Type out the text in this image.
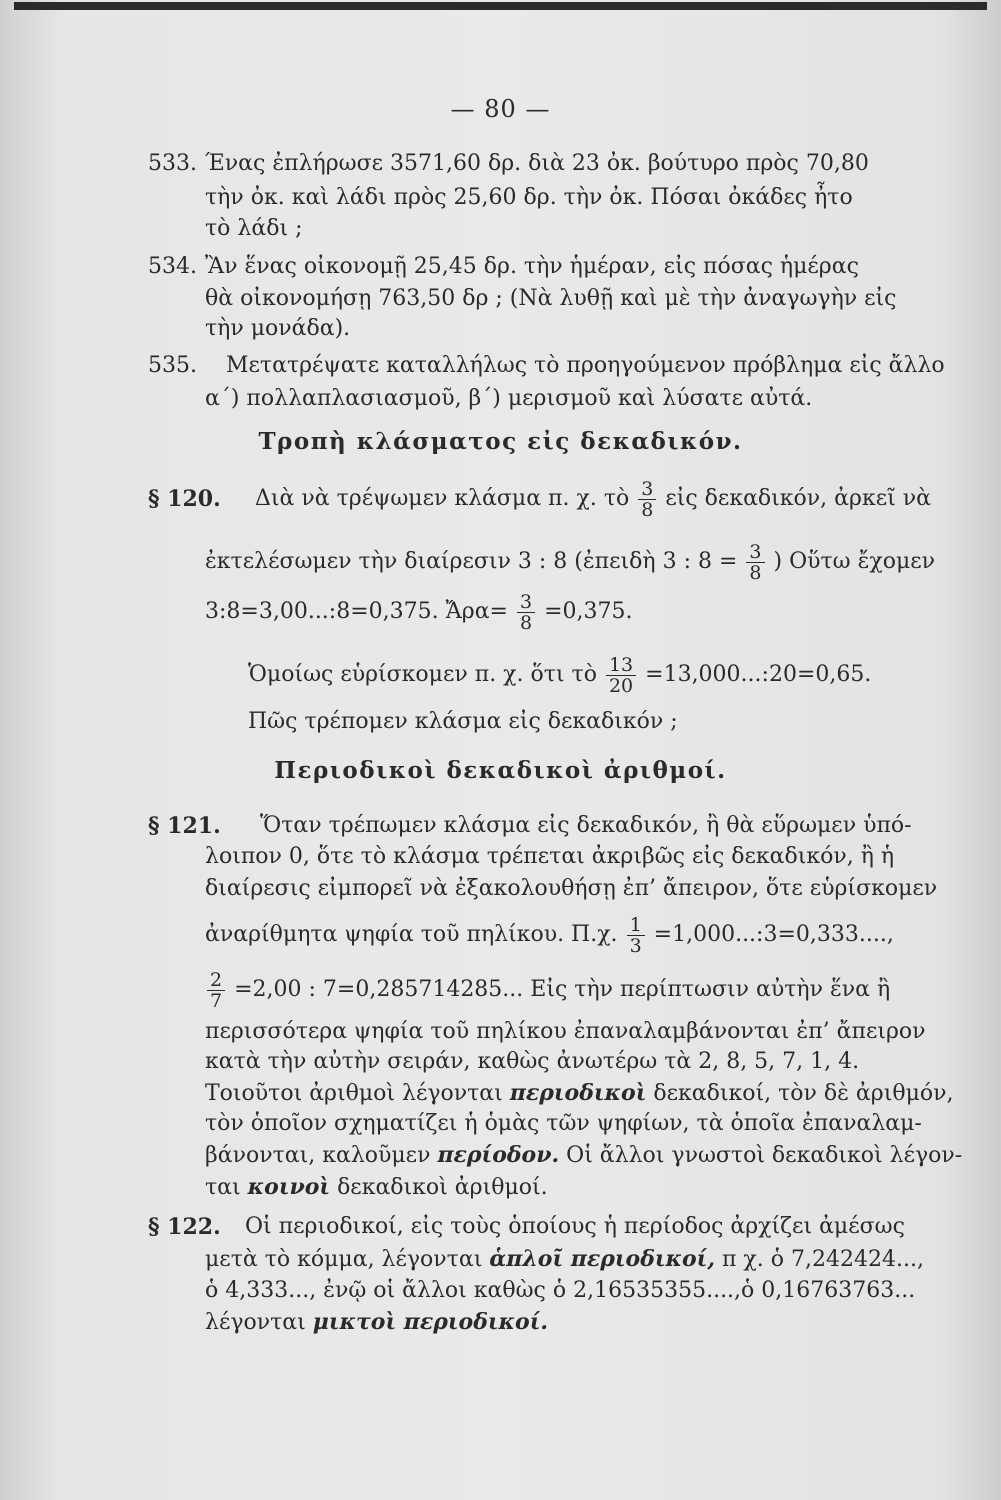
— 80 —
533. Ένας ἐπλήρωσε 3571,60 δρ. διὰ 23 ὀκ. βούτυρο πρὸς 70,80
τὴν ὀκ. καὶ λάδι πρὸς 25,60 δρ. τὴν ὀκ. Πόσαι ὀκάδες ἦτο
τὸ λάδι ;
534. Ἂν ἕνας οἰκονομῇ 25,45 δρ. τὴν ἡμέραν, εἰς πόσας ἡμέρας
θὰ οἰκονομήσῃ 763,50 δρ ; (Νὰ λυθῇ καὶ μὲ τὴν ἀναγωγὴν εἰς
τὴν μονάδα).
535. Μετατρέψατε καταλλήλως τὸ προηγούμενον πρόβλημα εἰς ἄλλο
α΄) πολλαπλασιασμοῦ, β΄) μερισμοῦ καὶ λύσατε αὐτά.
Τροπὴ κλάσματος εἰς δεκαδικόν.
§ 120. Διὰ νὰ τρέψωμεν κλάσμα π. χ. τὸ $\frac{3}{8}$ εἰς δεκαδικόν, ἀρκεῖ νὰ
ἐκτελέσωμεν τὴν διαίρεσιν 3 : 8 (ἐπειδὴ 3 : $8 = \frac{3}{8}$ ) Οὕτω ἔχομεν
3:8=3,00...:8=0,375. Ἄρα= $\frac{3}{8} =0,375$.
Ὁμοίως εὑρίσκομεν π. χ. ὅτι τὸ $\frac{13}{20}$ =13,000...:20=0,65.
Πῶς τρέπομεν κλάσμα εἰς δεκαδικόν ;
Περιοδικοὶ δεκαδικοὶ ἀριθμοί.
§ 121. Ὅταν τρέπωμεν κλάσμα εἰς δεκαδικόν, ἢ θὰ εὕρωμεν ὑπό-
λοιπον 0, ὅτε τὸ κλάσμα τρέπεται ἀκριβῶς εἰς δεκαδικόν, ἢ ἡ
διαίρεσις εἰμπορεῖ νὰ ἐξακολουθήσῃ ἐπ’ ἄπειρον, ὅτε εὑρίσκομεν
ἀναρίθμητα ψηφία τοῦ πηλίκου. Π.χ. $\frac{1}{3}$ =1,000...:3=0,333....,
$\frac{2}{7} =2,00$ : 7=0,285714285... Εἰς τὴν περίπτωσιν αὐτὴν ἕνα ἢ
περισσότερα ψηφία τοῦ πηλίκου ἐπαναλαμβάνονται ἐπ’ ἄπειρον
κατὰ τὴν αὐτὴν σειράν, καθὼς ἀνωτέρω τὰ 2, 8, 5, 7, 1, 4.
Τοιοῦτοι ἀριθμοὶ λέγονται περιοδικοὶ δεκαδικοί, τὸν δὲ ἀριθμόν,
τὸν ὁποῖον σχηματίζει ἡ ὁμὰς τῶν ψηφίων, τὰ ὁποῖα ἐπαναλαμ-
βάνονται, καλοῦμεν περίοδον. Οἱ ἄλλοι γνωστοὶ δεκαδικοὶ λέγον-
ται κοινοὶ δεκαδικοὶ ἀριθμοί.
§ 122. Οἱ περιοδικοί, εἰς τοὺς ὁποίους ἡ περίοδος ἀρχίζει ἀμέσως
μετὰ τὸ κόμμα, λέγονται ἁπλοῖ περιοδικοί, π χ. ὁ 7,242424...,
ὁ 4,333..., ἐνῷ οἱ ἄλλοι καθὼς ὁ 2,16535355....,ὁ 0,16763763...
λέγονται μικτοὶ περιοδικοί.
